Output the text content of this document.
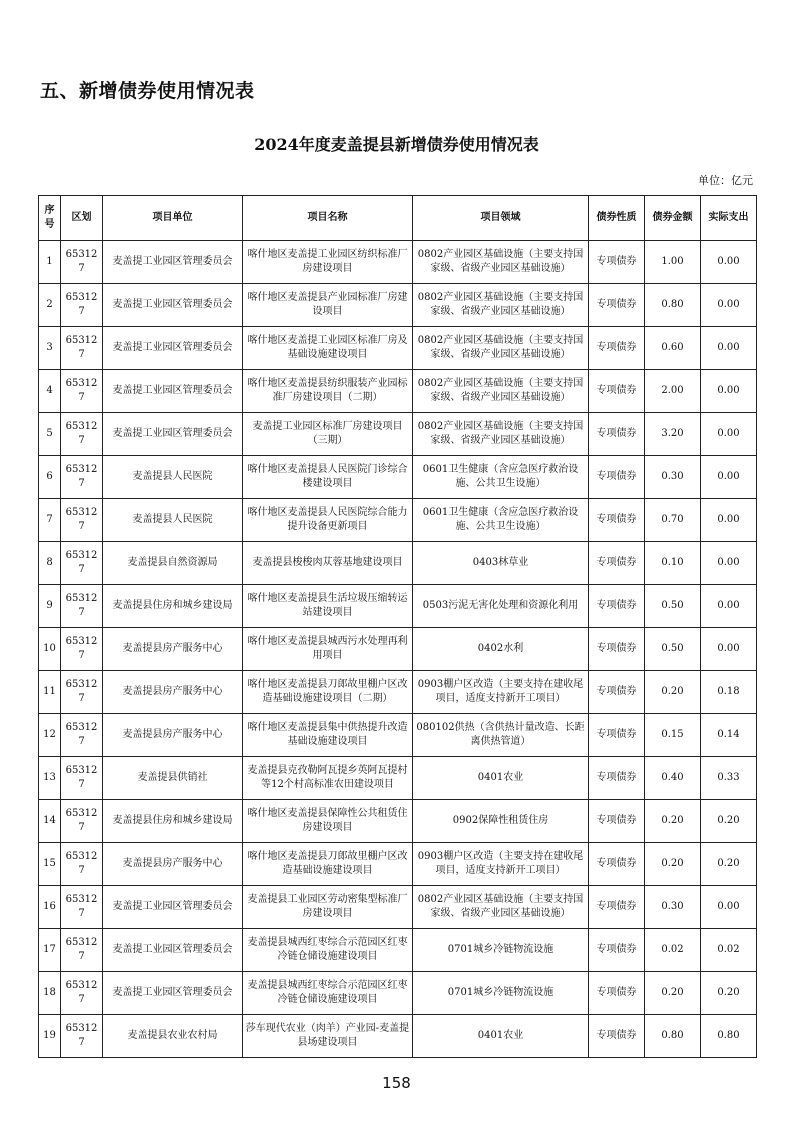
五、新增债券使用情况表
2024年度麦盖提县新增债券使用情况表
单位：亿元
序
号	区划	项目单位	项目名称	项目领域	债券性质	债券金额	实际支出
1	653127	麦盖提工业园区管理委员会	喀什地区麦盖提工业园区纺织标准厂房建设项目	0802产业园区基础设施（主要支持国家级、省级产业园区基础设施）	专项债券	1.00	0.00
2	653127	麦盖提工业园区管理委员会	喀什地区麦盖提县产业园标准厂房建设项目	0802产业园区基础设施（主要支持国家级、省级产业园区基础设施）	专项债券	0.80	0.00
3	653127	麦盖提工业园区管理委员会	喀什地区麦盖提工业园区标准厂房及基础设施建设项目	0802产业园区基础设施（主要支持国家级、省级产业园区基础设施）	专项债券	0.60	0.00
4	653127	麦盖提工业园区管理委员会	喀什地区麦盖提县纺织服装产业园标准厂房建设项目（二期）	0802产业园区基础设施（主要支持国家级、省级产业园区基础设施）	专项债券	2.00	0.00
5	653127	麦盖提工业园区管理委员会	麦盖提工业园区标准厂房建设项目（三期）	0802产业园区基础设施（主要支持国家级、省级产业园区基础设施）	专项债券	3.20	0.00
6	653127	麦盖提县人民医院	喀什地区麦盖提县人民医院门诊综合楼建设项目	0601卫生健康（含应急医疗救治设施、公共卫生设施）	专项债券	0.30	0.00
7	653127	麦盖提县人民医院	喀什地区麦盖提县人民医院综合能力提升设备更新项目	0601卫生健康（含应急医疗救治设施、公共卫生设施）	专项债券	0.70	0.00
8	653127	麦盖提县自然资源局	麦盖提县梭梭肉苁蓉基地建设项目	0403林草业	专项债券	0.10	0.00
9	653127	麦盖提县住房和城乡建设局	喀什地区麦盖提县生活垃圾压缩转运站建设项目	0503污泥无害化处理和资源化利用	专项债券	0.50	0.00
10	653127	麦盖提县房产服务中心	喀什地区麦盖提县城西污水处理再利用项目	0402水利	专项债券	0.50	0.00
11	653127	麦盖提县房产服务中心	喀什地区麦盖提县刀郎故里棚户区改造基础设施建设项目（二期）	0903棚户区改造（主要支持在建收尾项目，适度支持新开工项目）	专项债券	0.20	0.18
12	653127	麦盖提县房产服务中心	喀什地区麦盖提县集中供热提升改造基础设施建设项目	080102供热（含供热计量改造、长距离供热管道）	专项债券	0.15	0.14
13	653127	麦盖提县供销社	麦盖提县克孜勒阿瓦提乡英阿瓦提村等12个村高标准农田建设项目	0401农业	专项债券	0.40	0.33
14	653127	麦盖提县住房和城乡建设局	喀什地区麦盖提县保障性公共租赁住房建设项目	0902保障性租赁住房	专项债券	0.20	0.20
15	653127	麦盖提县房产服务中心	喀什地区麦盖提县刀郎故里棚户区改造基础设施建设项目	0903棚户区改造（主要支持在建收尾项目，适度支持新开工项目）	专项债券	0.20	0.20
16	653127	麦盖提工业园区管理委员会	麦盖提县工业园区劳动密集型标准厂房建设项目	0802产业园区基础设施（主要支持国家级、省级产业园区基础设施）	专项债券	0.30	0.00
17	653127	麦盖提工业园区管理委员会	麦盖提县城西红枣综合示范园区红枣冷链仓储设施建设项目	0701城乡冷链物流设施	专项债券	0.02	0.02
18	653127	麦盖提工业园区管理委员会	麦盖提县城西红枣综合示范园区红枣冷链仓储设施建设项目	0701城乡冷链物流设施	专项债券	0.20	0.20
19	653127	麦盖提县农业农村局	莎车现代农业（肉羊）产业园-麦盖提县场建设项目	0401农业	专项债券	0.80	0.80
158
